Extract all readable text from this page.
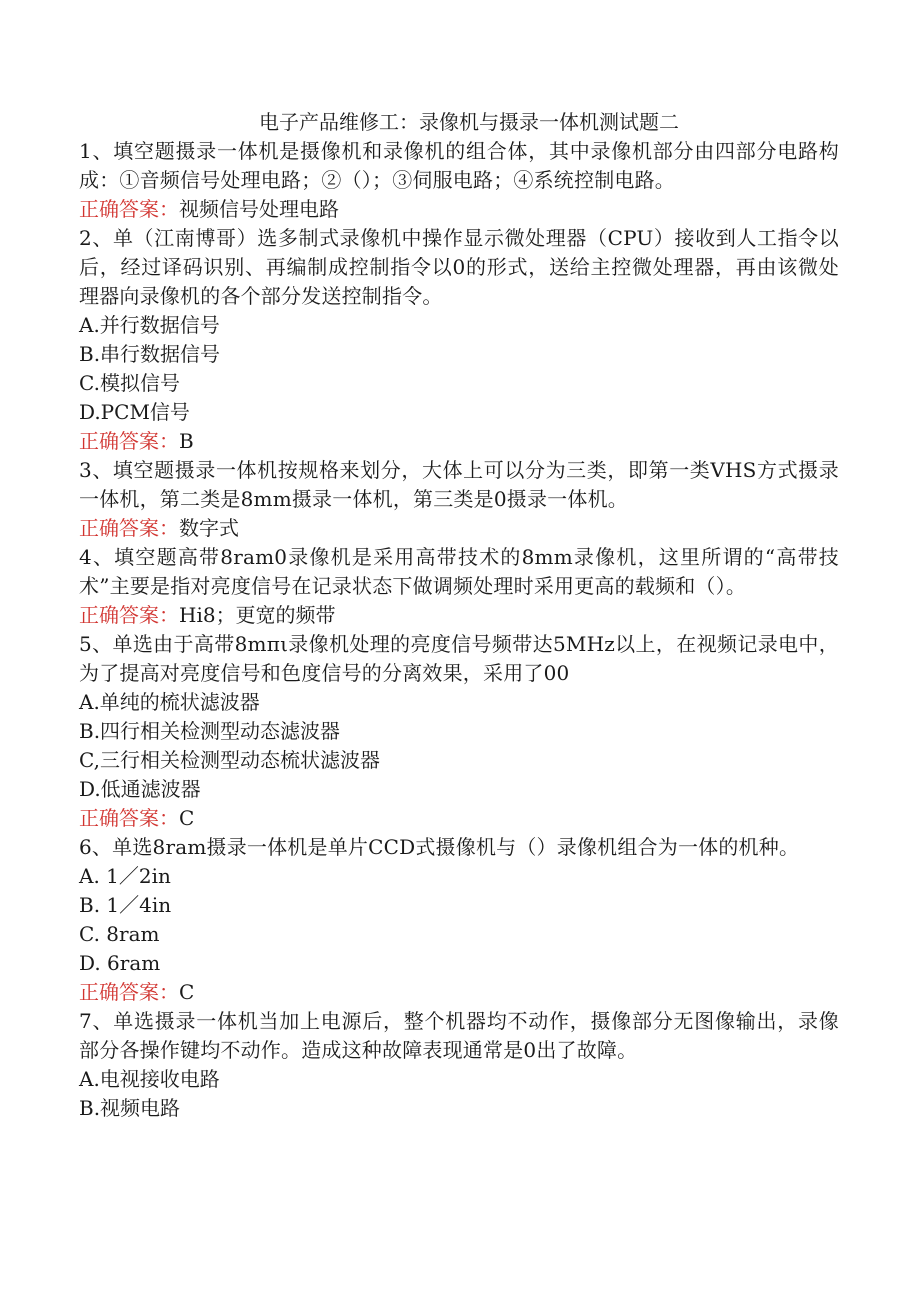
电子产品维修工：录像机与摄录一体机测试题二

1、填空题摄录一体机是摄像机和录像机的组合体，其中录像机部分由四部分电路构成：①音频信号处理电路；②（）；③伺服电路；④系统控制电路。

正确答案：视频信号处理电路

2、单（江南博哥）选多制式录像机中操作显示微处理器（CPU）接收到人工指令以后，经过译码识别、再编制成控制指令以0的形式，送给主控微处理器，再由该微处理器向录像机的各个部分发送控制指令。

A.并行数据信号

B.串行数据信号

C.模拟信号

D.PCM信号

正确答案：B

3、填空题摄录一体机按规格来划分，大体上可以分为三类，即第一类VHS方式摄录一体机，第二类是8mm摄录一体机，第三类是0摄录一体机。

正确答案：数字式

4、填空题高带8ram0录像机是采用高带技术的8mm录像机，这里所谓的“高带技术”主要是指对亮度信号在记录状态下做调频处理时采用更高的载频和（）。

正确答案：Hi8；更宽的频带

5、单选由于高带8mπι录像机处理的亮度信号频带达5MHz以上，在视频记录电中，为了提高对亮度信号和色度信号的分离效果，采用了00

A.单纯的梳状滤波器

B.四行相关检测型动态滤波器

C,三行相关检测型动态梳状滤波器

D.低通滤波器

正确答案：C

6、单选8ram摄录一体机是单片CCD式摄像机与（）录像机组合为一体的机种。

A. 1／2in

B. 1／4in

C. 8ram

D. 6ram

正确答案：C

7、单选摄录一体机当加上电源后，整个机器均不动作，摄像部分无图像输出，录像部分各操作键均不动作。造成这种故障表现通常是0出了故障。

A.电视接收电路

B.视频电路
